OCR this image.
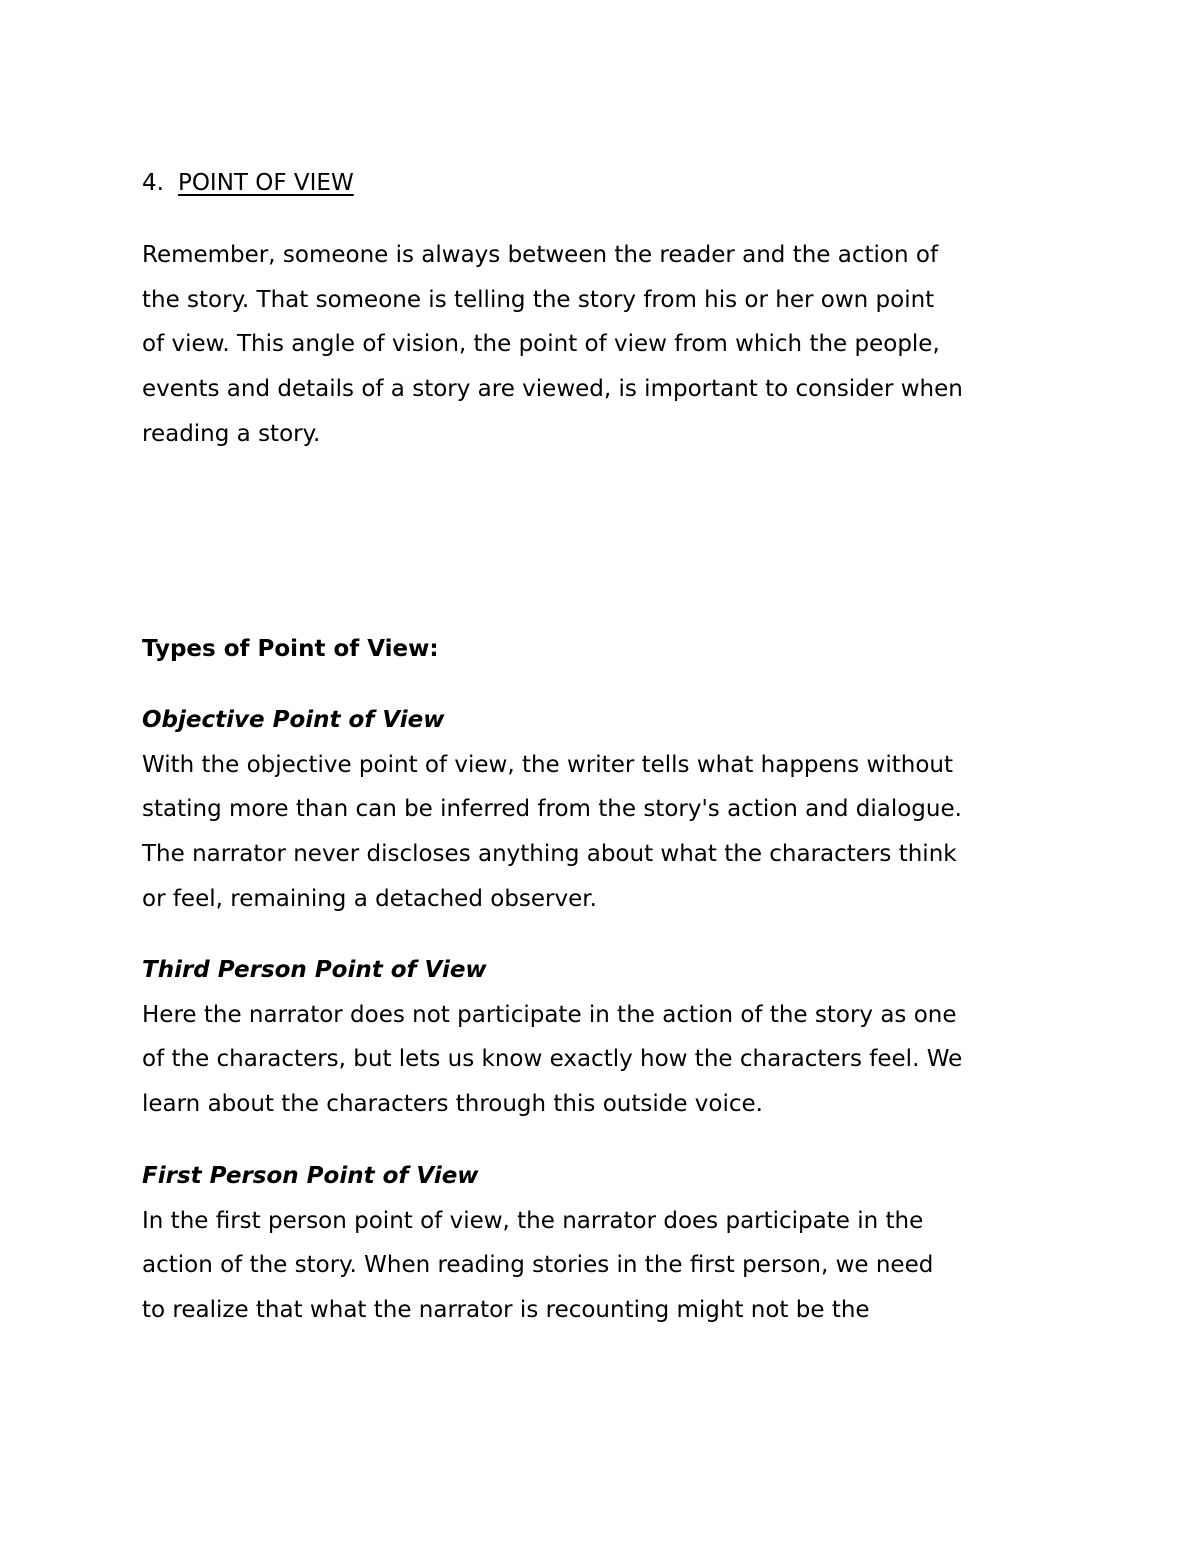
4. POINT OF VIEW
Remember, someone is always between the reader and the action of
the story. That someone is telling the story from his or her own point
of view. This angle of vision, the point of view from which the people,
events and details of a story are viewed, is important to consider when
reading a story.
Types of Point of View:
Objective Point of View
With the objective point of view, the writer tells what happens without
stating more than can be inferred from the story's action and dialogue.
The narrator never discloses anything about what the characters think
or feel, remaining a detached observer.
Third Person Point of View
Here the narrator does not participate in the action of the story as one
of the characters, but lets us know exactly how the characters feel. We
learn about the characters through this outside voice.
First Person Point of View
In the first person point of view, the narrator does participate in the
action of the story. When reading stories in the first person, we need
to realize that what the narrator is recounting might not be the
